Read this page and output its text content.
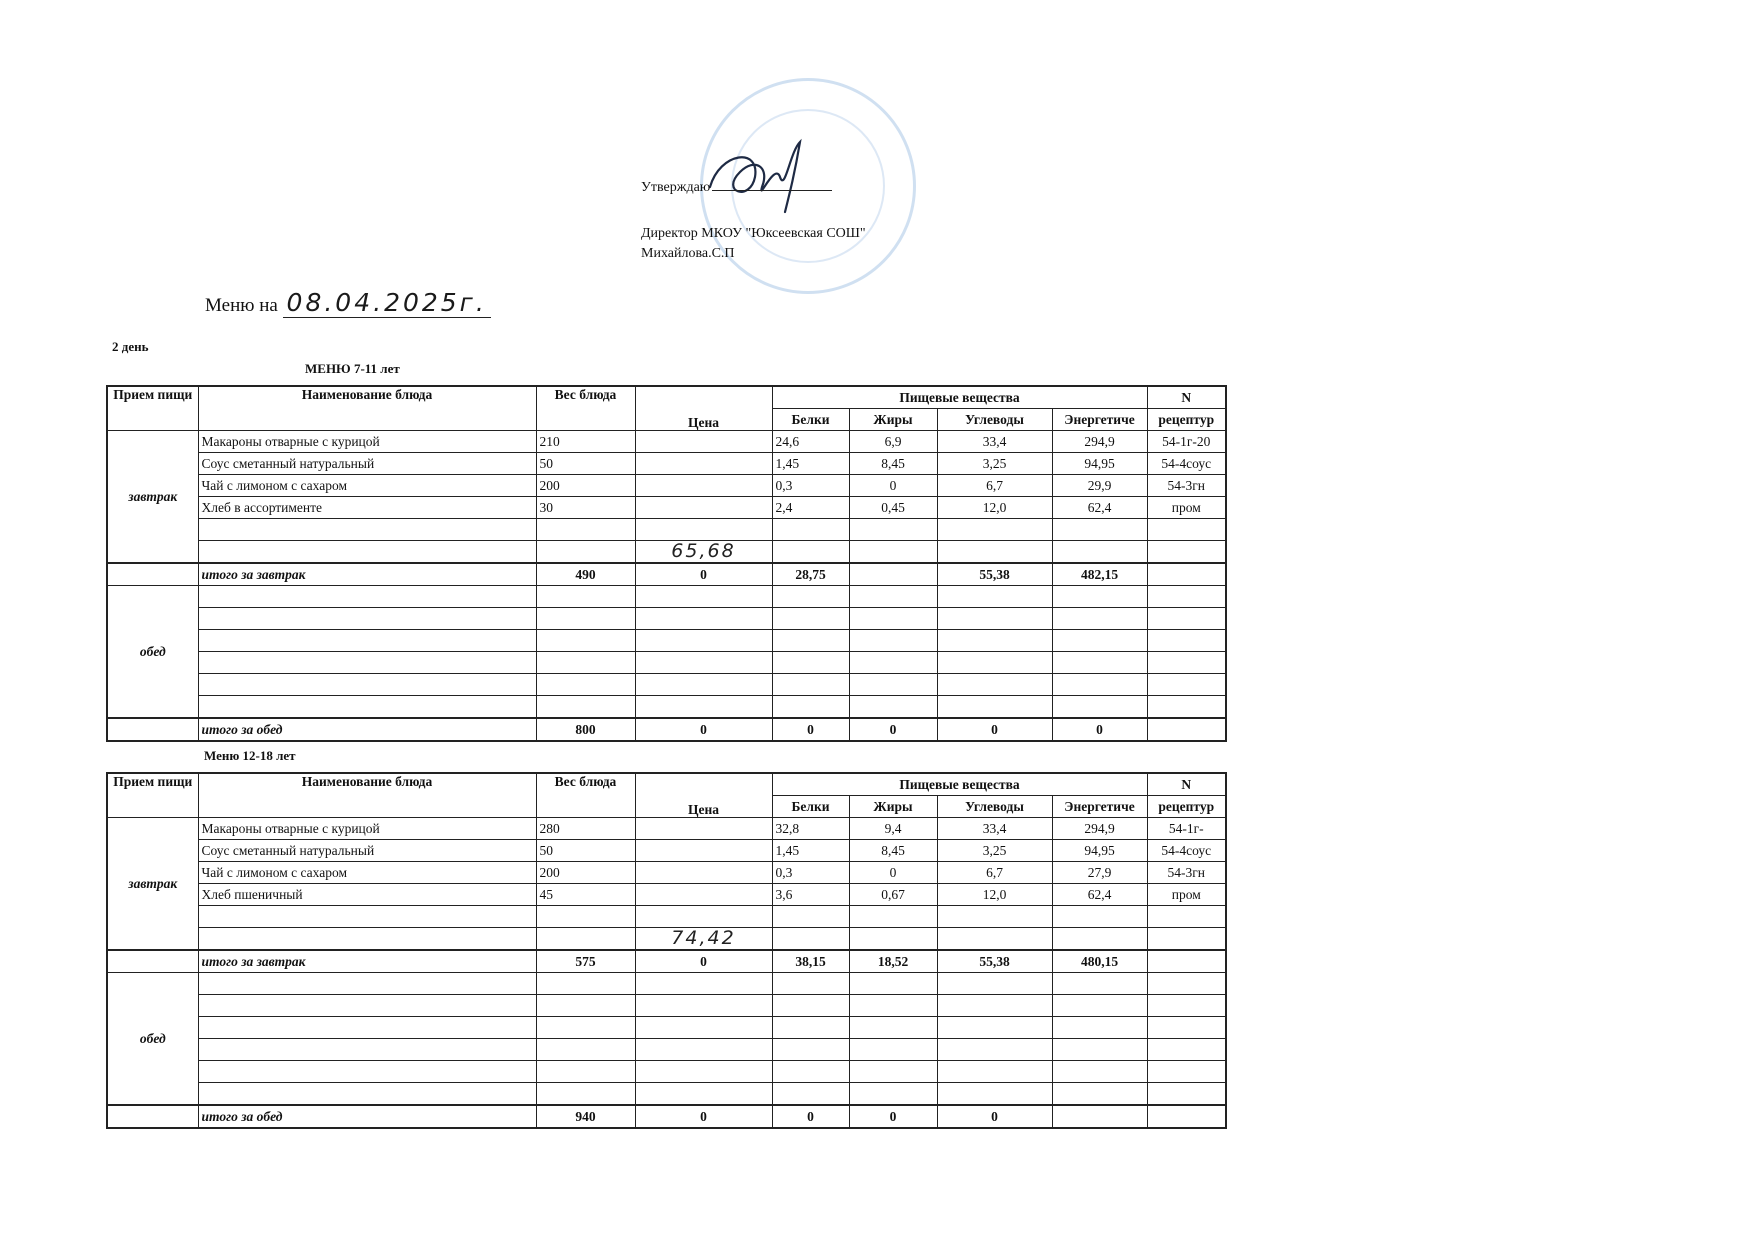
Утверждаю
Директор МКОУ "Юксеевская СОШ"
Михайлова.С.П
Меню на 08.04.2025г.
2 день
МЕНЮ 7-11 лет
Меню 12-18 лет
Прием пищи	Наименование блюда	Вес блюда	Цена	Пищевые вещества				N
				Белки	Жиры	Углеводы	Энергетиче	рецептур
завтрак	Макароны отварные с курицой	210		24,6	6,9	33,4	294,9	54-1г-20
	Соус сметанный натуральный	50		1,45	8,45	3,25	94,95	54-4соус
	Чай с лимоном с сахаром	200		0,3	0	6,7	29,9	54-3гн
	Хлеб в ассортименте	30		2,4	0,45	12,0	62,4	пром

			65,68					
	итого за завтрак	490	0	28,75		55,38	482,15	
обед								

	итого за обед	800	0	0	0	0	0	
Прием пищи	Наименование блюда	Вес блюда	Цена	Пищевые вещества				N
				Белки	Жиры	Углеводы	Энергетиче	рецептур
завтрак	Макароны отварные с курицой	280		32,8	9,4	33,4	294,9	54-1г-
	Соус сметанный натуральный	50		1,45	8,45	3,25	94,95	54-4соус
	Чай с лимоном с сахаром	200		0,3	0	6,7	27,9	54-3гн
	Хлеб пшеничный	45		3,6	0,67	12,0	62,4	пром

			74,42					
	итого за завтрак	575	0	38,15	18,52	55,38	480,15	
обед								

	итого за обед	940	0	0	0	0		
